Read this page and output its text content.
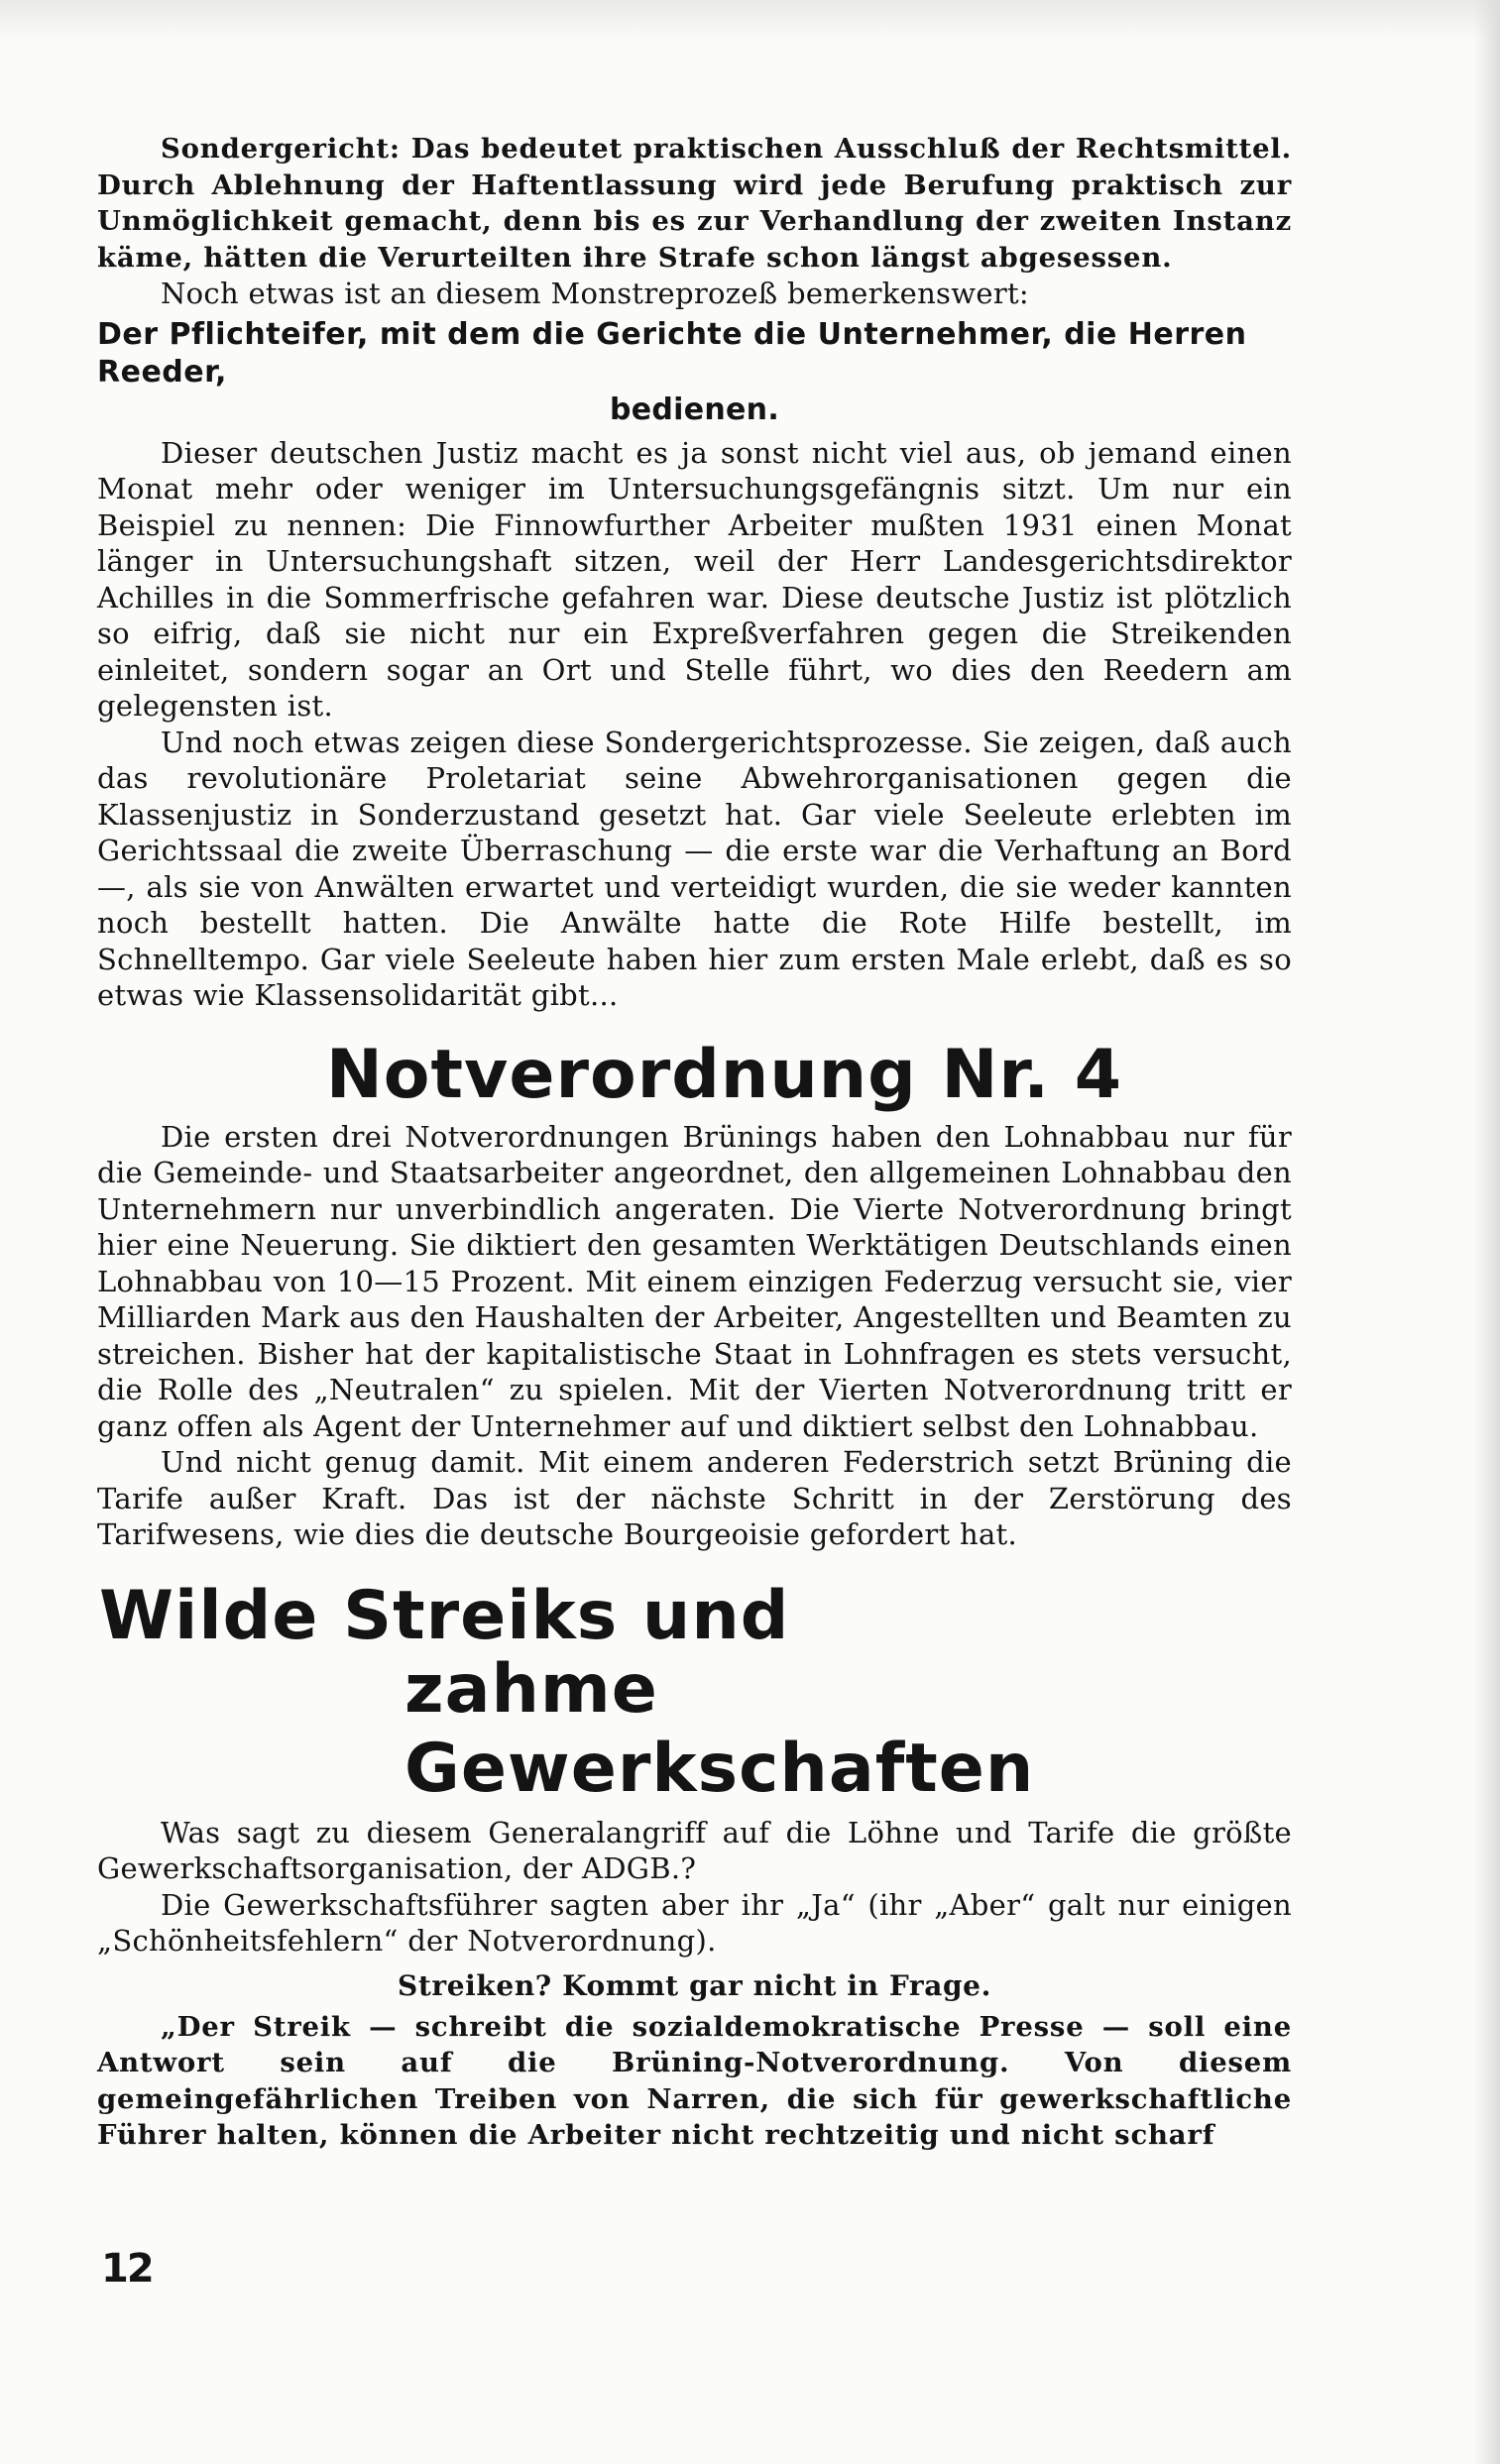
Sondergericht: Das bedeutet praktischen Ausschluß der Rechtsmittel. Durch Ablehnung der Haftentlassung wird jede Berufung praktisch zur Unmöglichkeit gemacht, denn bis es zur Verhandlung der zweiten Instanz käme, hätten die Verurteilten ihre Strafe schon längst abgesessen.

Noch etwas ist an diesem Monstreprozeß bemerkenswert:

Der Pflichteifer, mit dem die Gerichte die Unternehmer, die Herren Reeder,

bedienen.

Dieser deutschen Justiz macht es ja sonst nicht viel aus, ob jemand einen Monat mehr oder weniger im Untersuchungsgefängnis sitzt. Um nur ein Beispiel zu nennen: Die Finnowfurther Arbeiter mußten 1931 einen Monat länger in Untersuchungshaft sitzen, weil der Herr Landesgerichtsdirektor Achilles in die Sommerfrische gefahren war. Diese deutsche Justiz ist plötzlich so eifrig, daß sie nicht nur ein Expreßverfahren gegen die Streikenden einleitet, sondern sogar an Ort und Stelle führt, wo dies den Reedern am gelegensten ist.

Und noch etwas zeigen diese Sondergerichtsprozesse. Sie zeigen, daß auch das revolutionäre Proletariat seine Abwehrorganisationen gegen die Klassenjustiz in Sonderzustand gesetzt hat. Gar viele Seeleute erlebten im Gerichtssaal die zweite Überraschung — die erste war die Verhaftung an Bord —, als sie von Anwälten erwartet und verteidigt wurden, die sie weder kannten noch bestellt hatten. Die Anwälte hatte die Rote Hilfe bestellt, im Schnelltempo. Gar viele Seeleute haben hier zum ersten Male erlebt, daß es so etwas wie Klassensolidarität gibt...

Notverordnung Nr. 4

Die ersten drei Notverordnungen Brünings haben den Lohnabbau nur für die Gemeinde- und Staatsarbeiter angeordnet, den allgemeinen Lohnabbau den Unternehmern nur unverbindlich angeraten. Die Vierte Notverordnung bringt hier eine Neuerung. Sie diktiert den gesamten Werktätigen Deutschlands einen Lohnabbau von 10—15 Prozent. Mit einem einzigen Federzug versucht sie, vier Milliarden Mark aus den Haushalten der Arbeiter, Angestellten und Beamten zu streichen. Bisher hat der kapitalistische Staat in Lohnfragen es stets versucht, die Rolle des „Neutralen“ zu spielen. Mit der Vierten Notverordnung tritt er ganz offen als Agent der Unternehmer auf und diktiert selbst den Lohnabbau.

Und nicht genug damit. Mit einem anderen Federstrich setzt Brüning die Tarife außer Kraft. Das ist der nächste Schritt in der Zerstörung des Tarifwesens, wie dies die deutsche Bourgeoisie gefordert hat.

Wilde Streiks und
zahme Gewerkschaften

Was sagt zu diesem Generalangriff auf die Löhne und Tarife die größte Gewerkschaftsorganisation, der ADGB.?

Die Gewerkschaftsführer sagten aber ihr „Ja“ (ihr „Aber“ galt nur einigen „Schönheitsfehlern“ der Notverordnung).

Streiken? Kommt gar nicht in Frage.

„Der Streik — schreibt die sozialdemokratische Presse — soll eine Antwort sein auf die Brüning-Notverordnung. Von diesem gemeingefährlichen Treiben von Narren, die sich für gewerkschaftliche Führer halten, können die Arbeiter nicht rechtzeitig und nicht scharf

12
